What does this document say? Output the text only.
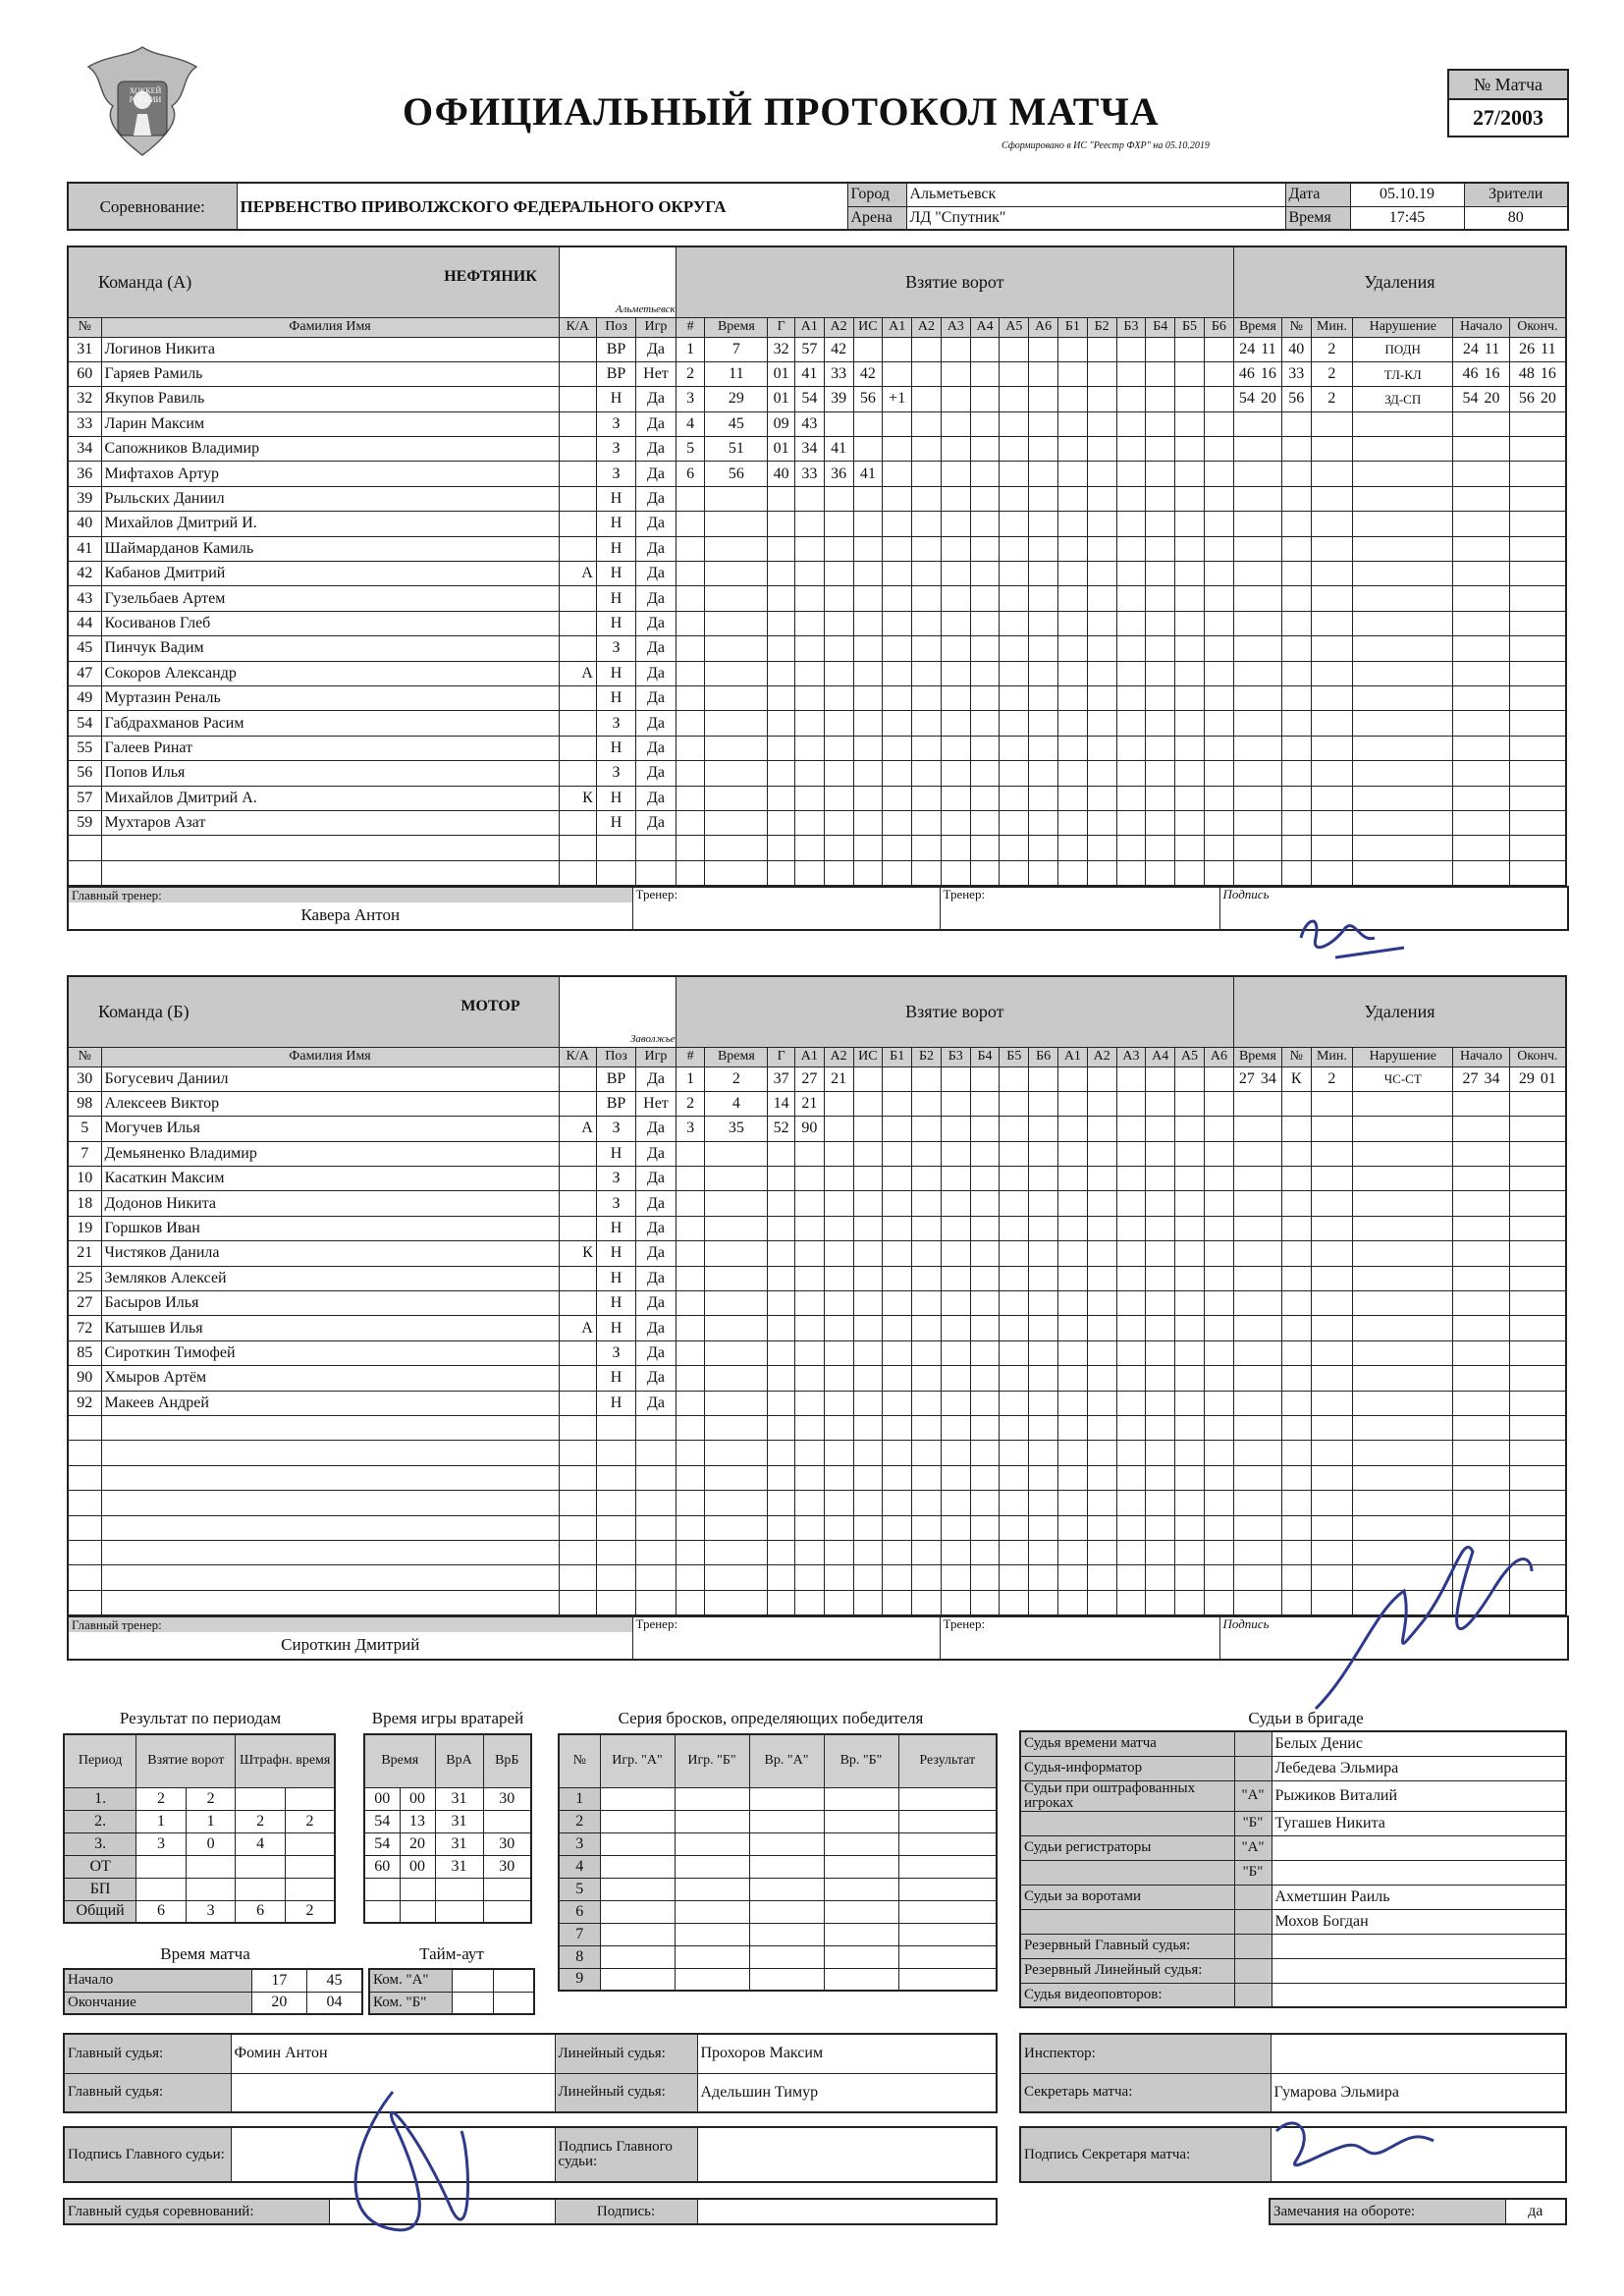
ХОККЕЙ РОССИИ	ОФИЦИАЛЬНЫЙ ПРОТОКОЛ МАТЧА
Сформировано в ИС "Реестр ФХР" на 05.10.2019
№ Матча
27/2003
Соревнование:	ПЕРВЕНСТВО ПРИВОЛЖСКОГО ФЕДЕРАЛЬНОГО ОКРУГА	Город	Альметьевск	Дата	05.10.19	Зрители
		Арена	ЛД "Спутник"	Время	17:45	80
Команда (А)		НЕФТЯНИК
Альметьевск			Взятие ворот																		Удаления					
№	Фамилия Имя	К/А	Поз	Игр	#	Время	Г	А1	А2	ИС	А1	А2	А3	А4	А5	А6	Б1	Б2	Б3	Б4	Б5	Б6	Время	№	Мин.	Нарушение	Начало	Оконч.
31	Логинов Никита		ВР	Да	1	7	32	57	42														24 11	40	2	ПОДН	24 11	26 11
60	Гаряев Рамиль		ВР	Нет	2	11	01	41	33	42													46 16	33	2	ТЛ-КЛ	46 16	48 16
32	Якупов Равиль		Н	Да	3	29	01	54	39	56	+1												54 20	56	2	ЗД-СП	54 20	56 20
33	Ларин Максим		З	Да	4	45	09	43																				
34	Сапожников Владимир		З	Да	5	51	01	34	41																			
36	Мифтахов Артур		З	Да	6	56	40	33	36	41																		
39	Рыльских Даниил		Н	Да																								
40	Михайлов Дмитрий И.		Н	Да																								
41	Шаймарданов Камиль		Н	Да																								
42	Кабанов Дмитрий	А	Н	Да																								
43	Гузельбаев Артем		Н	Да																								
44	Косиванов Глеб		Н	Да																								
45	Пинчук Вадим		З	Да																								
47	Сокоров Александр	А	Н	Да																								
49	Муртазин Реналь		Н	Да																								
54	Габдрахманов Расим		З	Да																								
55	Галеев Ринат		Н	Да																								
56	Попов Илья		З	Да																								
57	Михайлов Дмитрий А.	К	Н	Да																								
59	Мухтаров Азат		Н	Да																								

Главный тренер:
Кавера Антон

Тренер:	Тренер:	Подпись
Команда (Б)		МОТОР
Заволжье			Взятие ворот																		Удаления					
№	Фамилия Имя	К/А	Поз	Игр	#	Время	Г	А1	А2	ИС	Б1	Б2	Б3	Б4	Б5	Б6	А1	А2	А3	А4	А5	А6	Время	№	Мин.	Нарушение	Начало	Оконч.
30	Богусевич Даниил		ВР	Да	1	2	37	27	21														27 34	К	2	ЧС-СТ	27 34	29 01
98	Алексеев Виктор		ВР	Нет	2	4	14	21																				
5	Могучев Илья	А	З	Да	3	35	52	90																				
7	Демьяненко Владимир		Н	Да																								
10	Касаткин Максим		З	Да																								
18	Додонов Никита		З	Да																								
19	Горшков Иван		Н	Да																								
21	Чистяков Данила	К	Н	Да																								
25	Земляков Алексей		Н	Да																								
27	Басыров Илья		Н	Да																								
72	Катышев Илья	А	Н	Да																								
85	Сироткин Тимофей		З	Да																								
90	Хмыров Артём		Н	Да																								
92	Макеев Андрей		Н	Да																								

Главный тренер:
Сироткин Дмитрий

Тренер:	Тренер:	Подпись
Результат по периодам
Период	Взятие ворот		Штрафн. время	
1.	2	2		
2.	1	1	2	2
3.	3	0	4	
ОТ				
БП				
Общий	6	3	6	2
Время игры вратарей
Время		ВрА	ВрБ
00	00	31	30
54	13	31	
54	20	31	30
60	00	31	30

Серия бросков, определяющих победителя
№	Игр. "А"	Игр. "Б"	Вр. "А"	Вр. "Б"	Результат
1					
2					
3					
4					
5					
6					
7					
8					
9					
Время матча
Начало	17	45
Окончание	20	04
Тайм-аут
Ком. "А"		
Ком. "Б"		
Судьи в бригаде
Судья времени матча		Белых Денис
Судья-информатор		Лебедева Эльмира
Судьи при оштрафованных игроках	"А"	Рыжиков Виталий
	"Б"	Тугашев Никита
Судьи регистраторы	"А"	
	"Б"	
Судьи за воротами		Ахметшин Раиль
		Мохов Богдан
Резервный Главный судья:		
Резервный Линейный судья:		
Судья видеоповторов:		
Главный судья:	Фомин Антон	Линейный судья:	Прохоров Максим
Главный судья:		Линейный судья:	Адельшин Тимур
Подпись Главного судьи:		Подпись Главного судьи:	
Инспектор:	
Секретарь матча:	Гумарова Эльмира
Подпись Секретаря матча:	
Главный судья соревнований:		Подпись:		Замечания на обороте:	да
